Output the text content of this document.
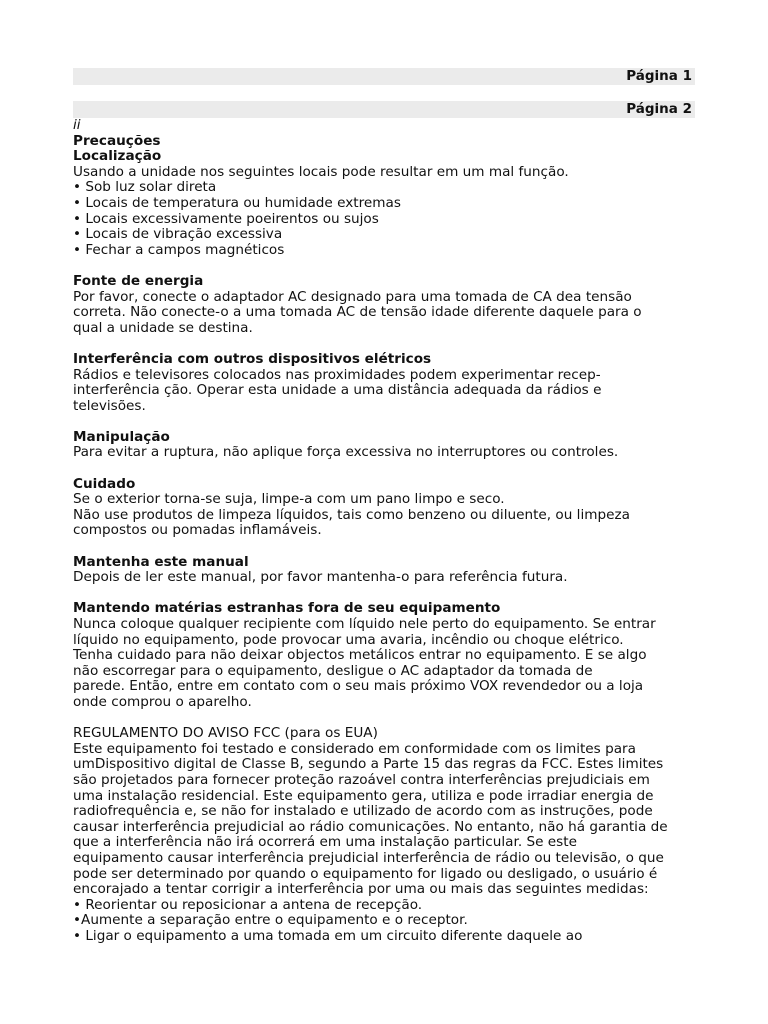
Página 1
Página 2

ii

Precauções

Localização

Usando a unidade nos seguintes locais pode resultar em um mal função.

• Sob luz solar direta
• Locais de temperatura ou humidade extremas
• Locais excessivamente poeirentos ou sujos
• Locais de vibração excessiva
• Fechar a campos magnéticos

Fonte de energia

Por favor, conecte o adaptador AC designado para uma tomada de CA dea tensão

correta. Não conecte-o a uma tomada AC de tensão idade diferente daquele para o

qual a unidade se destina.

Interferência com outros dispositivos elétricos

Rádios e televisores colocados nas proximidades podem experimentar recep-

interferência ção. Operar esta unidade a uma distância adequada da rádios e

televisões.

Manipulação

Para evitar a ruptura, não aplique força excessiva no interruptores ou controles.

Cuidado

Se o exterior torna-se suja, limpe-a com um pano limpo e seco.

Não use produtos de limpeza líquidos, tais como benzeno ou diluente, ou limpeza

compostos ou pomadas inflamáveis.

Mantenha este manual

Depois de ler este manual, por favor mantenha-o para referência futura.

Mantendo matérias estranhas fora de seu equipamento

Nunca coloque qualquer recipiente com líquido nele perto do equipamento. Se entrar

líquido no equipamento, pode provocar uma avaria, incêndio ou choque elétrico.

Tenha cuidado para não deixar objectos metálicos entrar no equipamento. E se algo

não escorregar para o equipamento, desligue o AC adaptador da tomada de

parede. Então, entre em contato com o seu mais próximo VOX revendedor ou a loja

onde comprou o aparelho.

REGULAMENTO DO AVISO FCC (para os EUA)

Este equipamento foi testado e considerado em conformidade com os limites para

umDispositivo digital de Classe B, segundo a Parte 15 das regras da FCC. Estes limites

são projetados para fornecer proteção razoável contra interferências prejudiciais em

uma instalação residencial. Este equipamento gera, utiliza e pode irradiar energia de

radiofrequência e, se não for instalado e utilizado de acordo com as instruções, pode

causar interferência prejudicial ao rádio comunicações. No entanto, não há garantia de

que a interferência não irá ocorrerá em uma instalação particular. Se este

equipamento causar interferência prejudicial interferência de rádio ou televisão, o que

pode ser determinado por quando o equipamento for ligado ou desligado, o usuário é

encorajado a tentar corrigir a interferência por uma ou mais das seguintes medidas:

• Reorientar ou reposicionar a antena de recepção.
•Aumente a separação entre o equipamento e o receptor.
• Ligar o equipamento a uma tomada em um circuito diferente daquele ao
